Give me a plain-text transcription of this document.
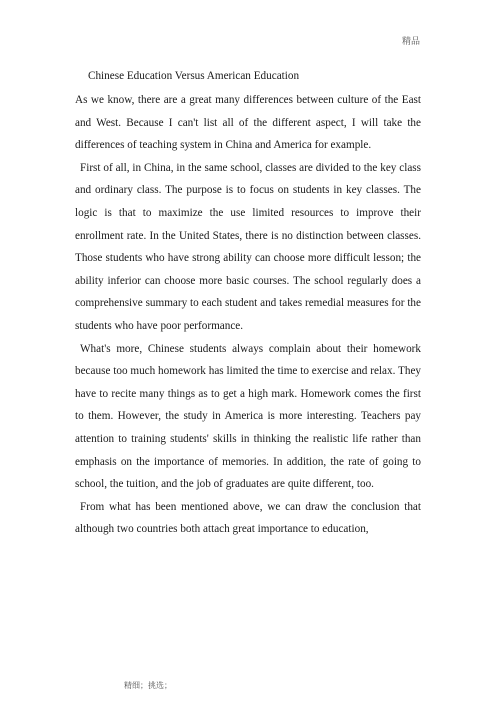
精品
Chinese Education Versus American Education

As we know, there are a great many differences between culture of the East and West. Because I can't list all of the different aspect, I will take the differences of teaching system in China and America for example.

First of all, in China, in the same school, classes are divided to the key class and ordinary class. The purpose is to focus on students in key classes. The logic is that to maximize the use limited resources to improve their enrollment rate. In the United States, there is no distinction between classes. Those students who have strong ability can choose more difficult lesson; the ability inferior can choose more basic courses. The school regularly does a comprehensive summary to each student and takes remedial measures for the students who have poor performance.

What's more, Chinese students always complain about their homework because too much homework has limited the time to exercise and relax. They have to recite many things as to get a high mark. Homework comes the first to them. However, the study in America is more interesting. Teachers pay attention to training students' skills in thinking the realistic life rather than emphasis on the importance of memories. In addition, the rate of going to school, the tuition, and the job of graduates are quite different, too.

From what has been mentioned above, we can draw the conclusion that although two countries both attach great importance to education,

精细；挑选；
